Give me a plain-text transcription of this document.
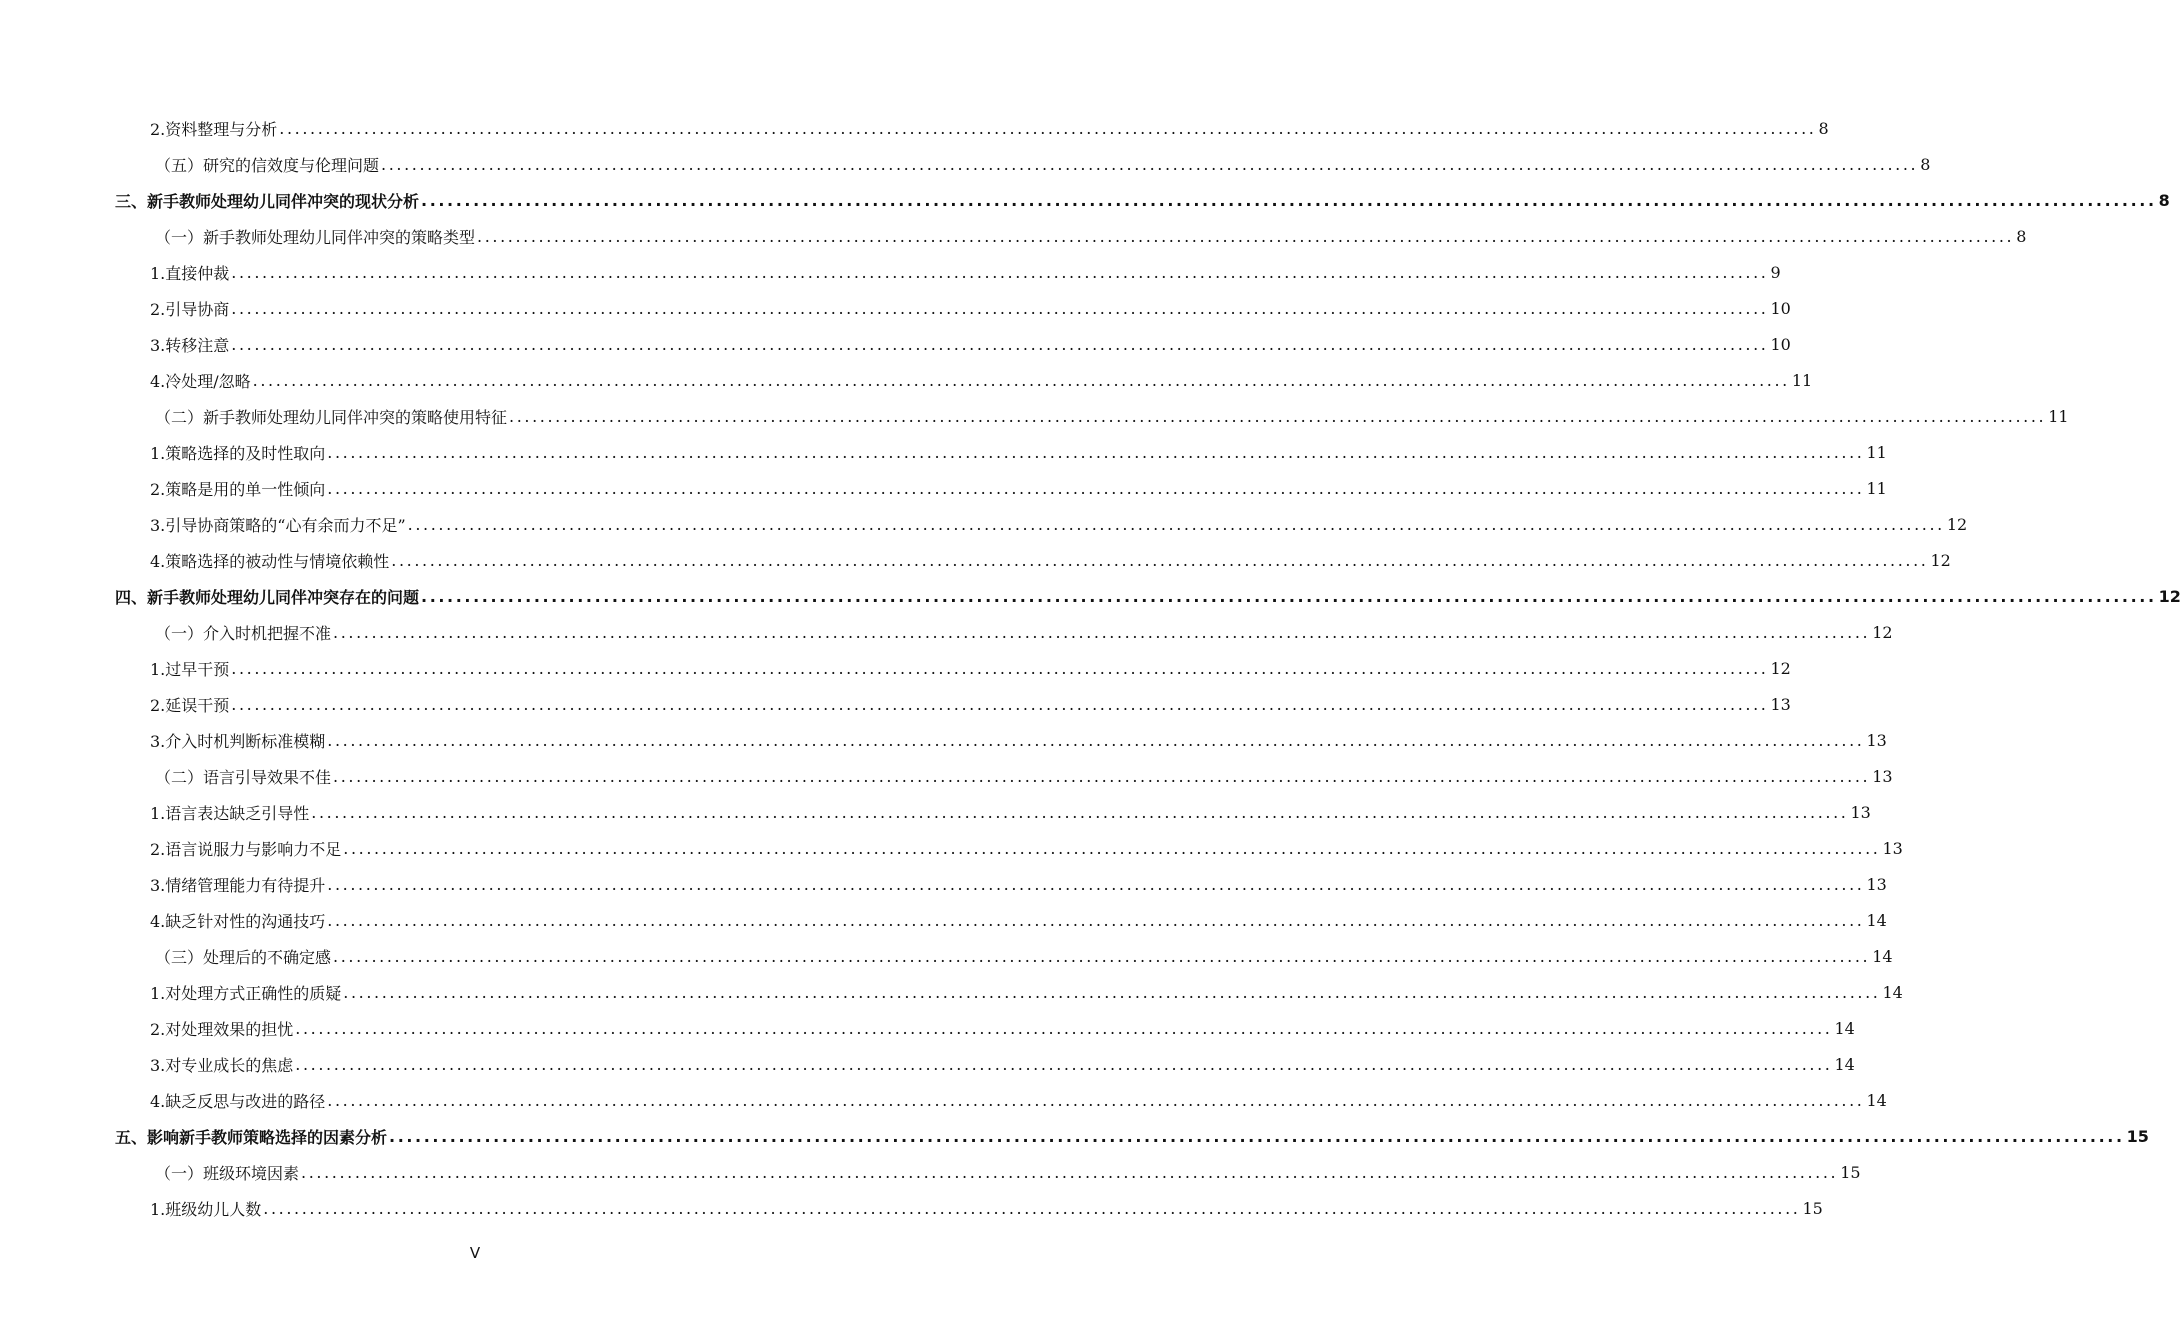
2.资料整理与分析 ........................................................................................................................................................................................................ 8
（五）研究的信效度与伦理问题 ........................................................................................................................................................................................................ 8
三、新手教师处理幼儿同伴冲突的现状分析 ........................................................................................................................................................................................................ 8
（一）新手教师处理幼儿同伴冲突的策略类型 ........................................................................................................................................................................................................ 8
1.直接仲裁 ........................................................................................................................................................................................................ 9
2.引导协商 ........................................................................................................................................................................................................ 10
3.转移注意 ........................................................................................................................................................................................................ 10
4.冷处理/忽略 ........................................................................................................................................................................................................ 11
（二）新手教师处理幼儿同伴冲突的策略使用特征 ........................................................................................................................................................................................................ 11
1.策略选择的及时性取向 ........................................................................................................................................................................................................ 11
2.策略是用的单一性倾向 ........................................................................................................................................................................................................ 11
3.引导协商策略的“心有余而力不足” ........................................................................................................................................................................................................ 12
4.策略选择的被动性与情境依赖性 ........................................................................................................................................................................................................ 12
四、新手教师处理幼儿同伴冲突存在的问题 ........................................................................................................................................................................................................ 12
（一）介入时机把握不准 ........................................................................................................................................................................................................ 12
1.过早干预 ........................................................................................................................................................................................................ 12
2.延误干预 ........................................................................................................................................................................................................ 13
3.介入时机判断标准模糊 ........................................................................................................................................................................................................ 13
（二）语言引导效果不佳 ........................................................................................................................................................................................................ 13
1.语言表达缺乏引导性 ........................................................................................................................................................................................................ 13
2.语言说服力与影响力不足 ........................................................................................................................................................................................................ 13
3.情绪管理能力有待提升 ........................................................................................................................................................................................................ 13
4.缺乏针对性的沟通技巧 ........................................................................................................................................................................................................ 14
（三）处理后的不确定感 ........................................................................................................................................................................................................ 14
1.对处理方式正确性的质疑 ........................................................................................................................................................................................................ 14
2.对处理效果的担忧 ........................................................................................................................................................................................................ 14
3.对专业成长的焦虑 ........................................................................................................................................................................................................ 14
4.缺乏反思与改进的路径 ........................................................................................................................................................................................................ 14
五、影响新手教师策略选择的因素分析 ........................................................................................................................................................................................................ 15
（一）班级环境因素 ........................................................................................................................................................................................................ 15
1.班级幼儿人数 ........................................................................................................................................................................................................ 15
V
